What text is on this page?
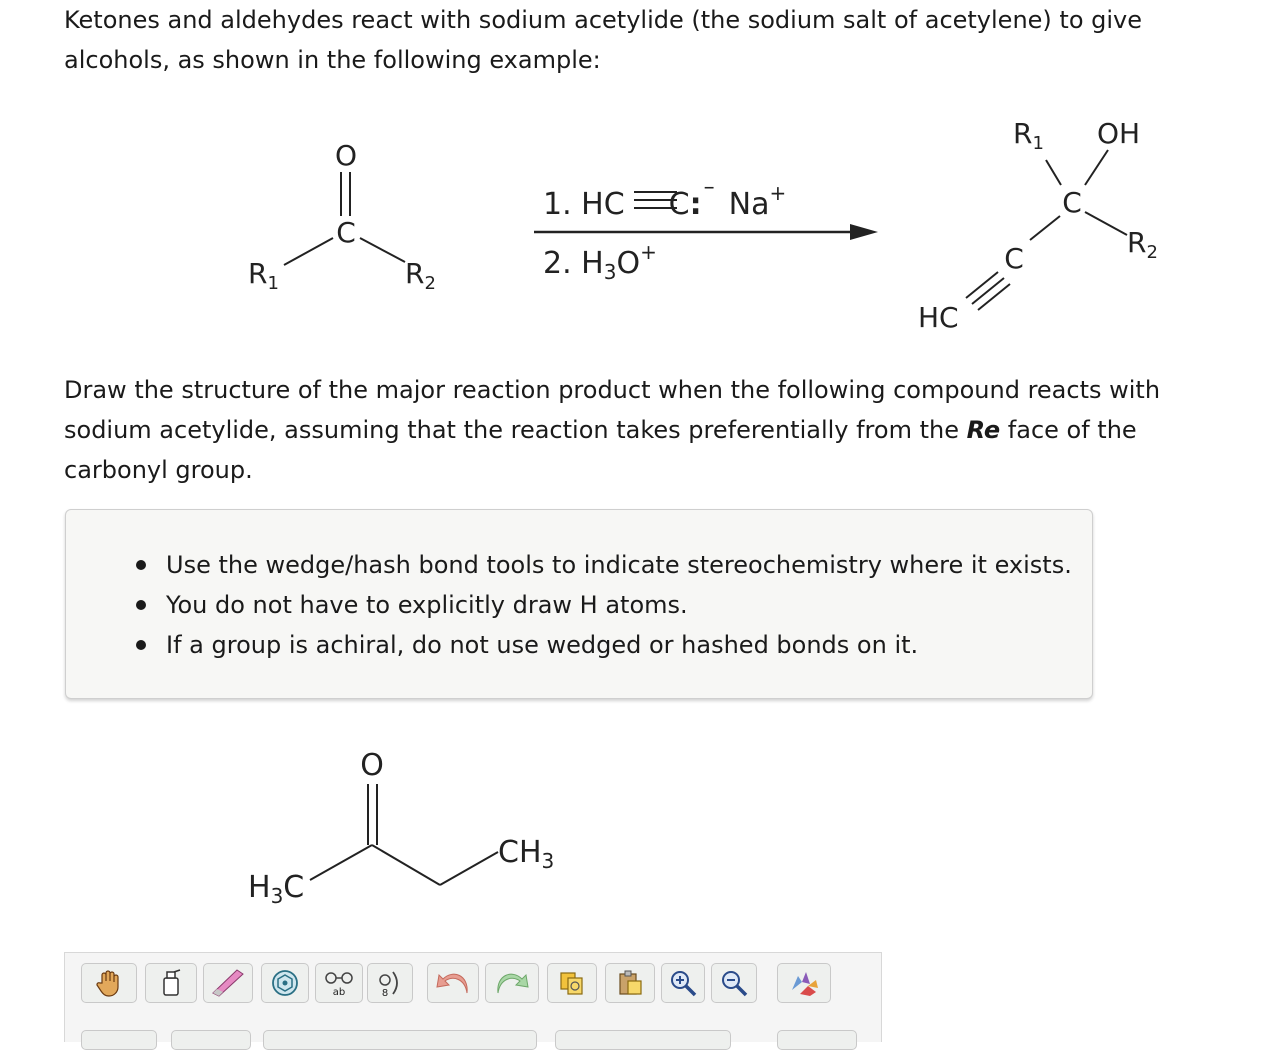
Ketones and aldehydes react with sodium acetylide (the sodium salt of acetylene) to give alcohols, as shown in the following example:

O
C
$R_1$	$R_2$
1. HC C:– Na+
2. $H_3O^+$
$R_1$ OH
C
$R_2$
C
HC

Draw the structure of the major reaction product when the following compound reacts with sodium acetylide, assuming that the reaction takes preferentially from the Re face of the carbonyl group.

Use the wedge/hash bond tools to indicate stereochemistry where it exists.
You do not have to explicitly draw H atoms.
If a group is achiral, do not use wedged or hashed bonds on it.
O
$H_3C$
$CH_3$
ab	8
